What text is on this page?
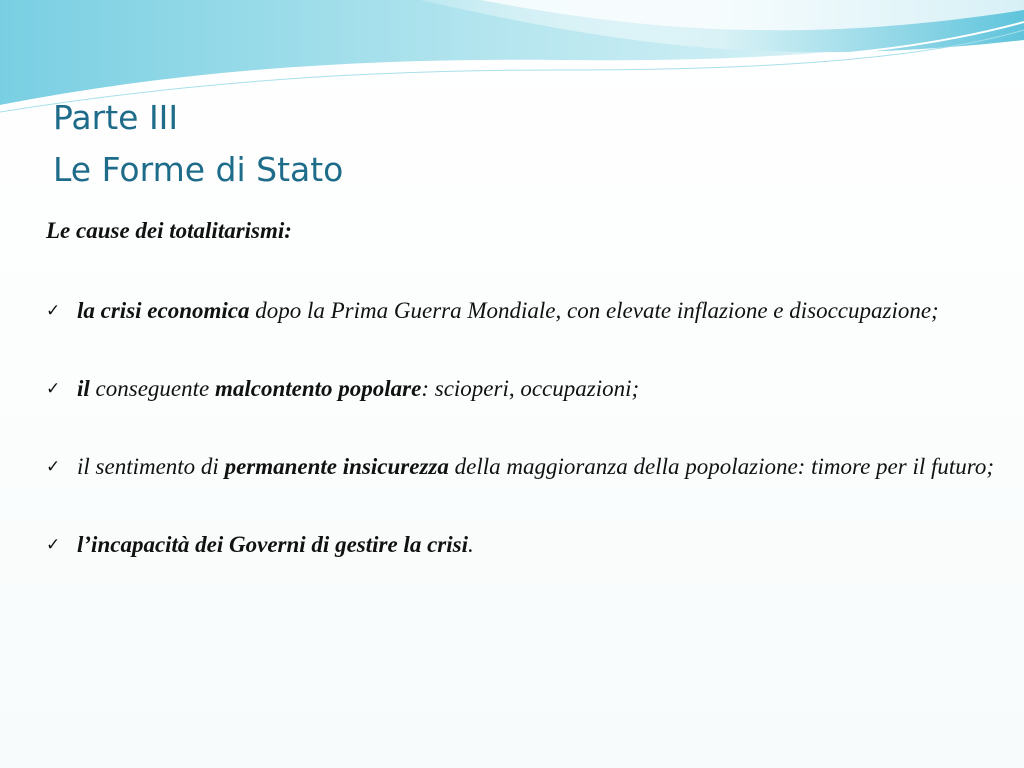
Parte III
Le Forme di Stato

Le cause dei totalitarismi:

✓ la crisi economica dopo la Prima Guerra Mondiale, con elevate inflazione e disoccupazione;
✓ il conseguente malcontento popolare: scioperi, occupazioni;
✓ il sentimento di permanente insicurezza della maggioranza della popolazione: timore per il futuro;
✓ l’incapacità dei Governi di gestire la crisi.
